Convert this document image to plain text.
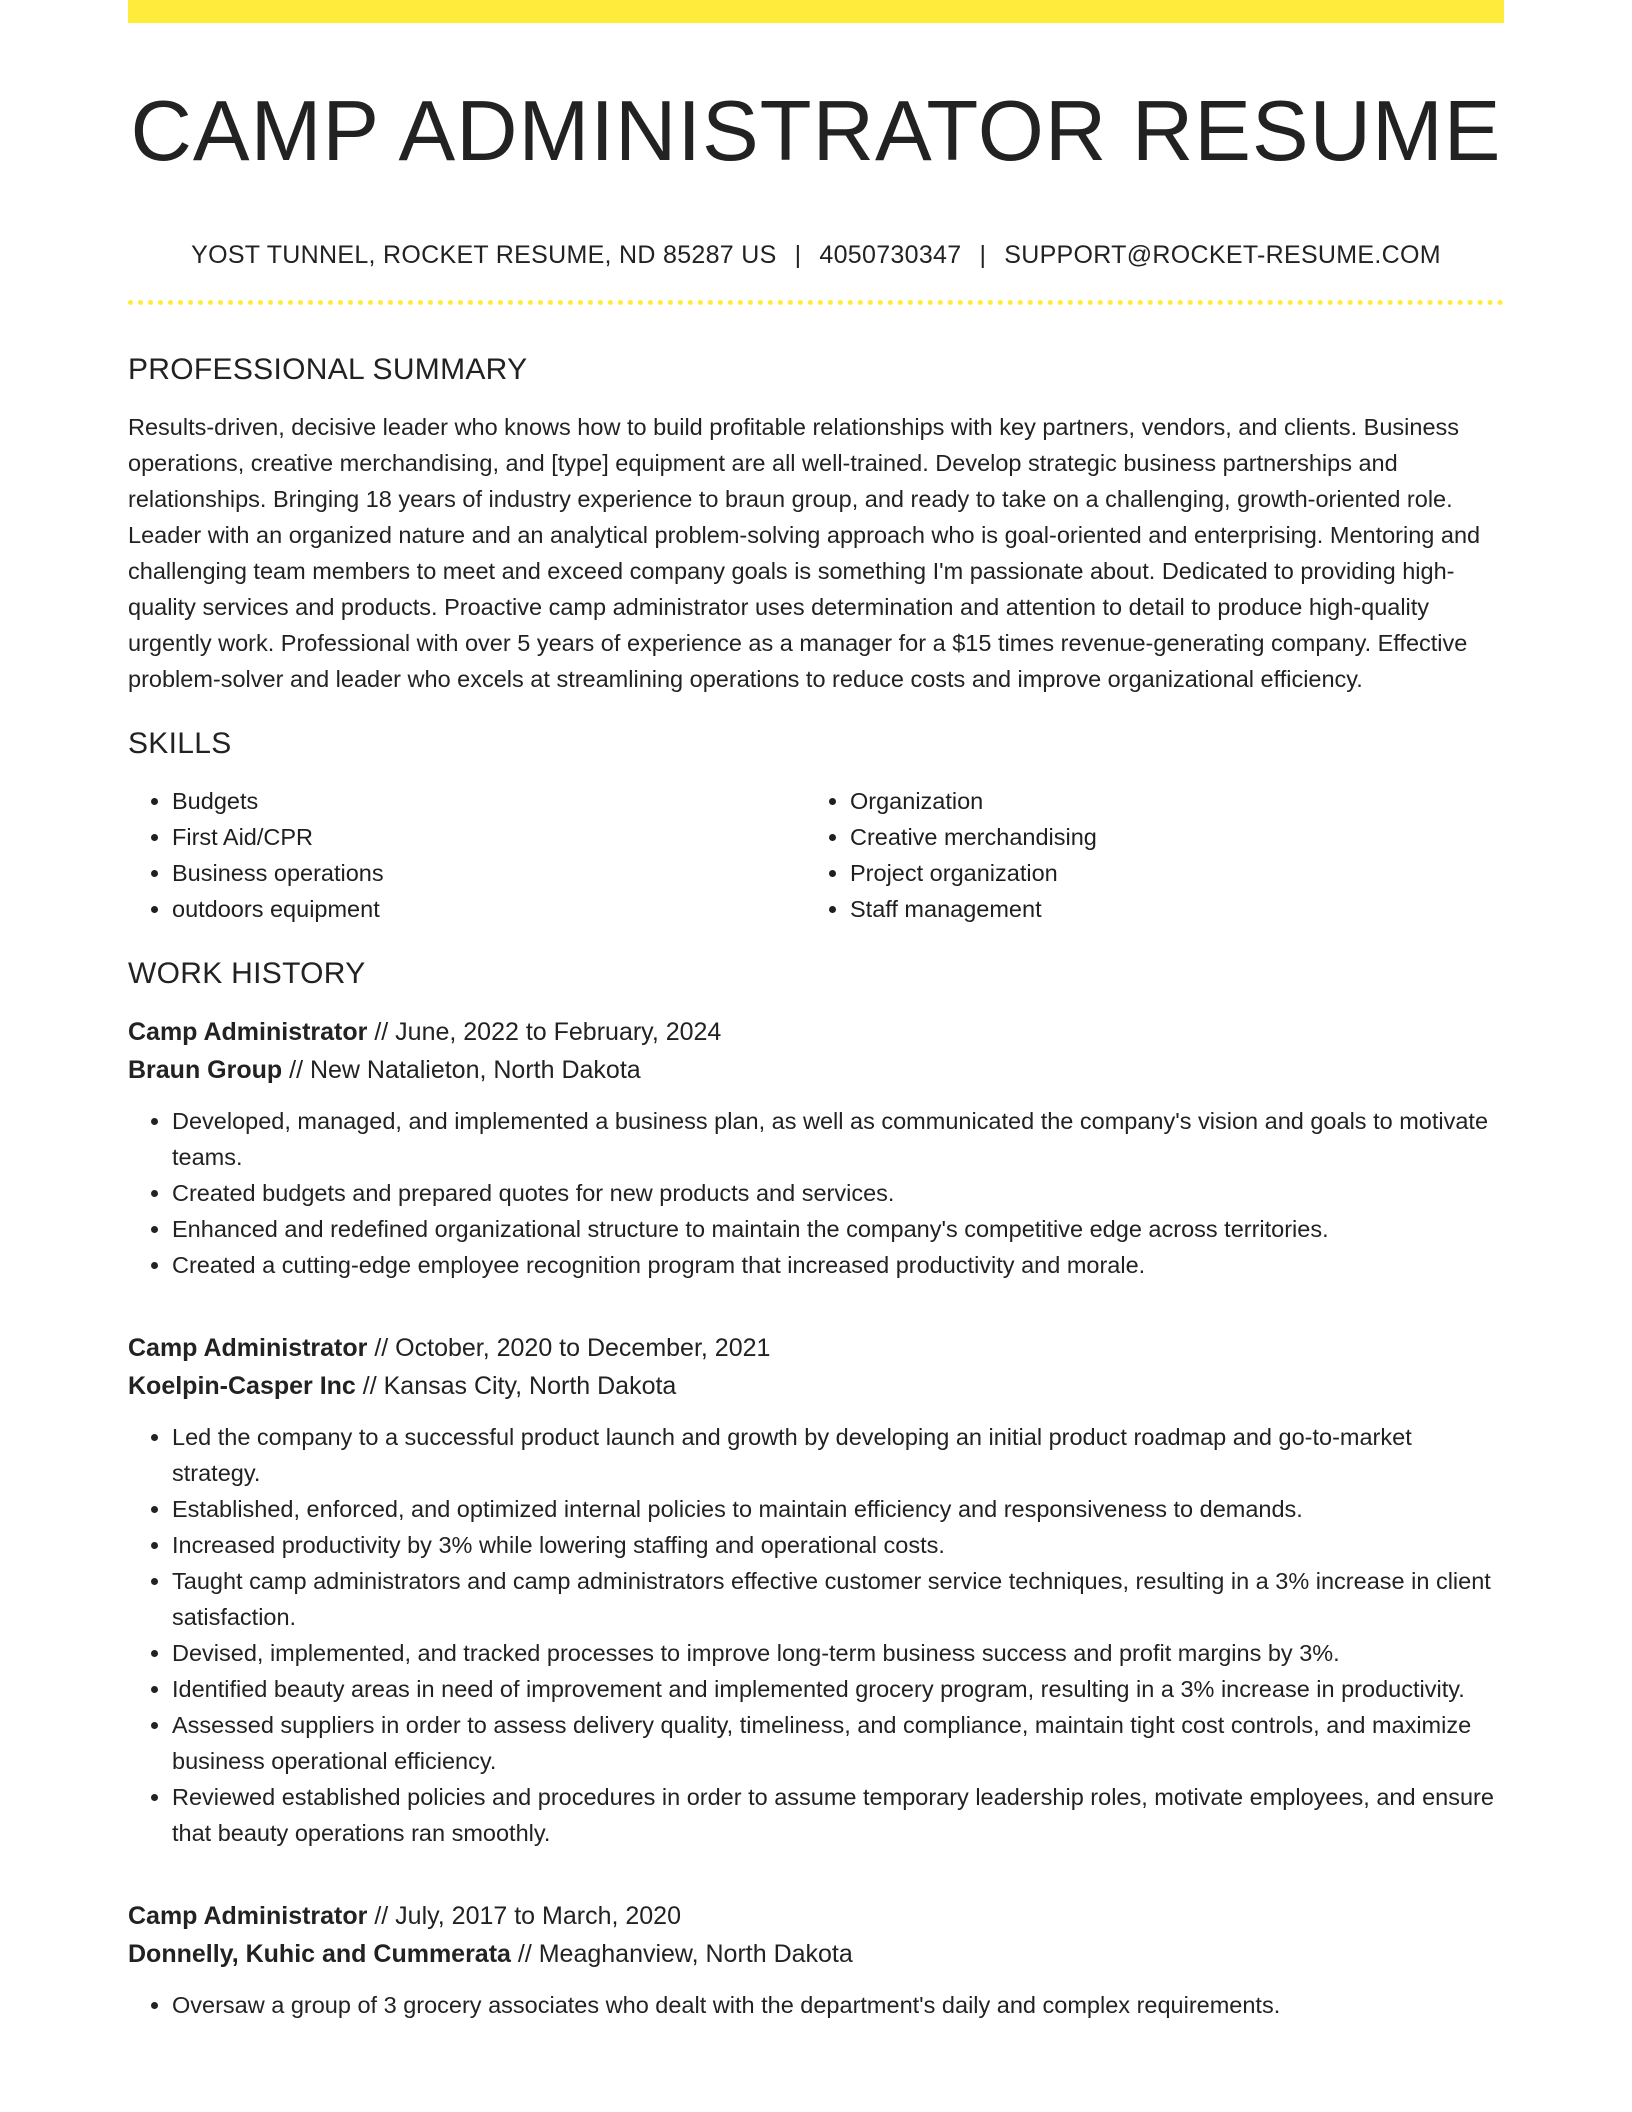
CAMP ADMINISTRATOR RESUME
YOST TUNNEL, ROCKET RESUME, ND 85287 US | 4050730347 | SUPPORT@ROCKET-RESUME.COM
PROFESSIONAL SUMMARY

Results-driven, decisive leader who knows how to build profitable relationships with key partners, vendors, and clients. Business operations, creative merchandising, and [type] equipment are all well-trained. Develop strategic business partnerships and relationships. Bringing 18 years of industry experience to braun group, and ready to take on a challenging, growth-oriented role. Leader with an organized nature and an analytical problem-solving approach who is goal-oriented and enterprising. Mentoring and challenging team members to meet and exceed company goals is something I'm passionate about. Dedicated to providing high-quality services and products. Proactive camp administrator uses determination and attention to detail to produce high-quality urgently work. Professional with over 5 years of experience as a manager for a $15 times revenue-generating company. Effective problem-solver and leader who excels at streamlining operations to reduce costs and improve organizational efficiency.

SKILLS
• Budgets
• First Aid/CPR
• Business operations
• outdoors equipment
• Organization
• Creative merchandising
• Project organization
• Staff management
WORK HISTORY
Camp Administrator // June, 2022 to February, 2024
Braun Group // New Natalieton, North Dakota
• Developed, managed, and implemented a business plan, as well as communicated the company's vision and goals to motivate teams.
• Created budgets and prepared quotes for new products and services.
• Enhanced and redefined organizational structure to maintain the company's competitive edge across territories.
• Created a cutting-edge employee recognition program that increased productivity and morale.
Camp Administrator // October, 2020 to December, 2021
Koelpin-Casper Inc // Kansas City, North Dakota
• Led the company to a successful product launch and growth by developing an initial product roadmap and go-to-market strategy.
• Established, enforced, and optimized internal policies to maintain efficiency and responsiveness to demands.
• Increased productivity by 3% while lowering staffing and operational costs.
• Taught camp administrators and camp administrators effective customer service techniques, resulting in a 3% increase in client satisfaction.
• Devised, implemented, and tracked processes to improve long-term business success and profit margins by 3%.
• Identified beauty areas in need of improvement and implemented grocery program, resulting in a 3% increase in productivity.
• Assessed suppliers in order to assess delivery quality, timeliness, and compliance, maintain tight cost controls, and maximize business operational efficiency.
• Reviewed established policies and procedures in order to assume temporary leadership roles, motivate employees, and ensure that beauty operations ran smoothly.
Camp Administrator // July, 2017 to March, 2020
Donnelly, Kuhic and Cummerata // Meaghanview, North Dakota
• Oversaw a group of 3 grocery associates who dealt with the department's daily and complex requirements.
